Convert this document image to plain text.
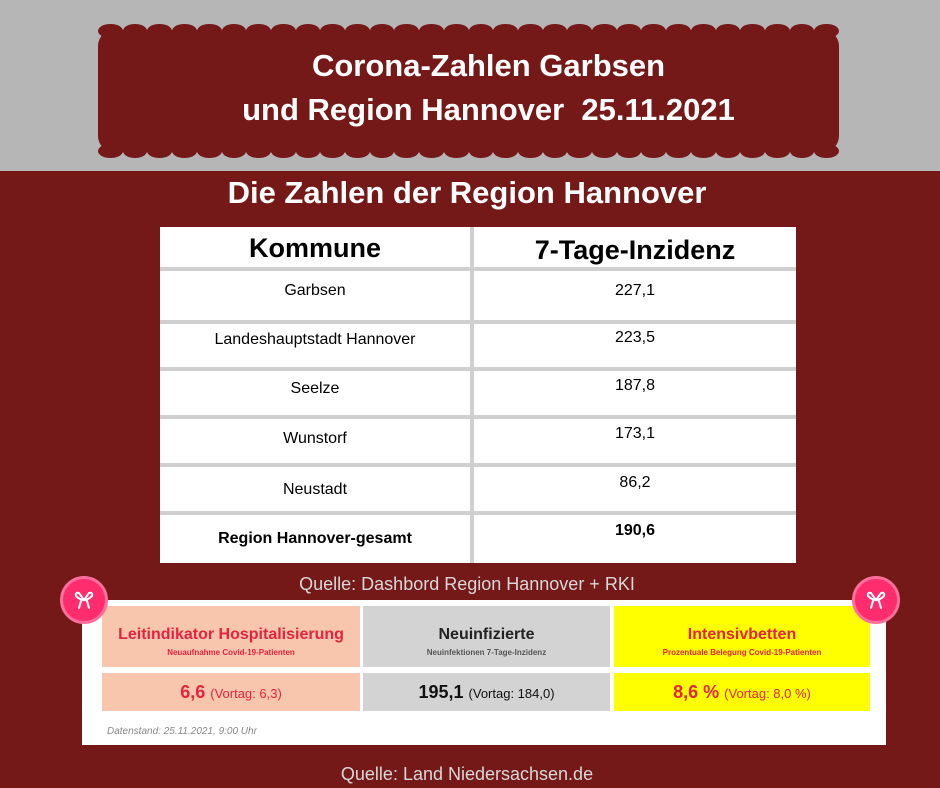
Corona-Zahlen Garbsen
und Region Hannover  25.11.2021
Die Zahlen der Region Hannover
Kommune	7-Tage-Inzidenz
Garbsen	227,1
Landeshauptstadt Hannover	223,5
Seelze	187,8
Wunstorf	173,1
Neustadt	86,2
Region Hannover-gesamt	190,6
Quelle: Dashbord Region Hannover + RKI
Leitindikator Hospitalisierung
Neuaufnahme Covid-19-Patienten
6,6 (Vortag: 6,3)
Neuinfizierte
Neuinfektionen 7-Tage-Inzidenz
195,1 (Vortag: 184,0)
Intensivbetten
Prozentuale Belegung Covid-19-Patienten
8,6 % (Vortag: 8,0 %)
Datenstand: 25.11.2021, 9:00 Uhr
Quelle: Land Niedersachsen.de
